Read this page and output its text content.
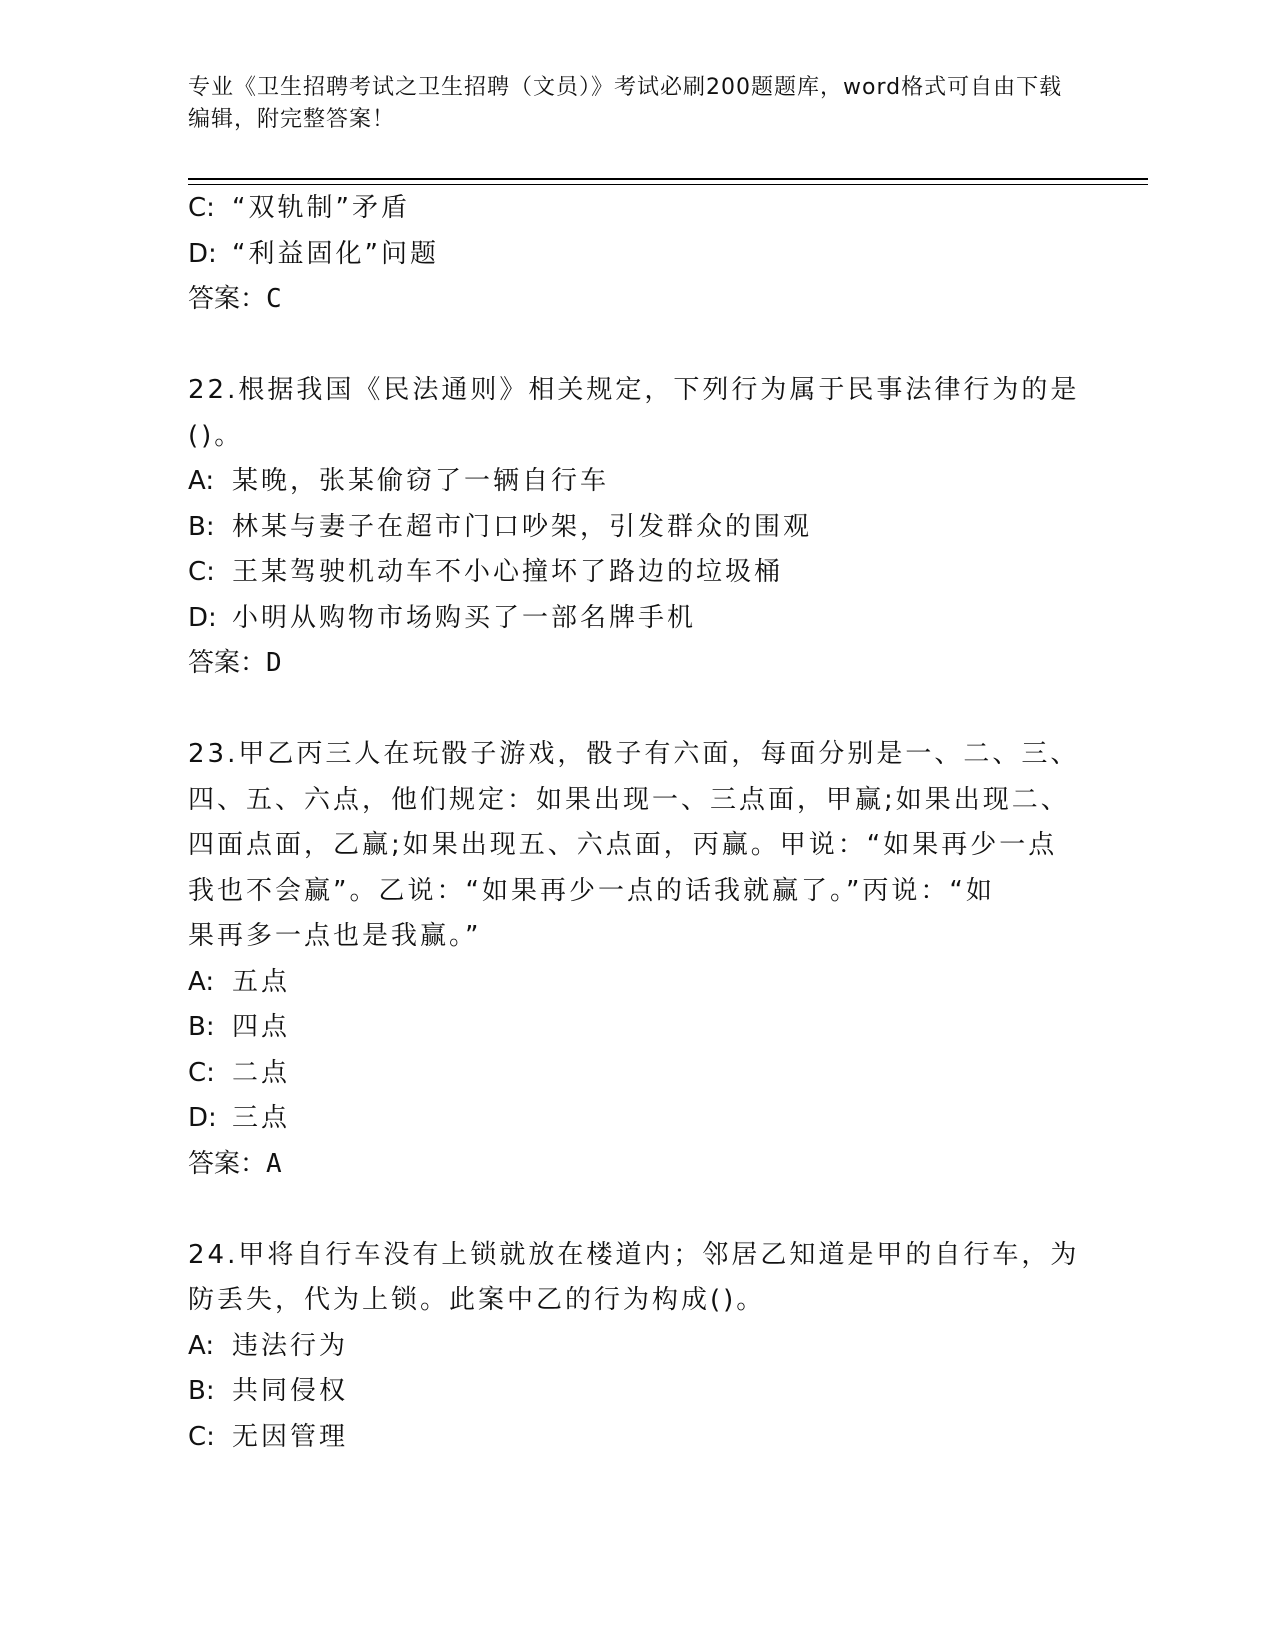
专业《卫生招聘考试之卫生招聘（文员）》考试必刷200题题库，word格式可自由下载编辑，附完整答案！
C: “双轨制”矛盾
D: “利益固化”问题
答案：C
22.根据我国《民法通则》相关规定，下列行为属于民事法律行为的是
()。
A: 某晚，张某偷窃了一辆自行车
B: 林某与妻子在超市门口吵架，引发群众的围观
C: 王某驾驶机动车不小心撞坏了路边的垃圾桶
D: 小明从购物市场购买了一部名牌手机
答案：D
23.甲乙丙三人在玩骰子游戏，骰子有六面，每面分别是一、二、三、
四、五、六点，他们规定：如果出现一、三点面，甲赢;如果出现二、
四面点面，乙赢;如果出现五、六点面，丙赢。甲说：“如果再少一点
我也不会赢”。乙说：“如果再少一点的话我就赢了。”丙说：“如
果再多一点也是我赢。”
A: 五点
B: 四点
C: 二点
D: 三点
答案：A
24.甲将自行车没有上锁就放在楼道内；邻居乙知道是甲的自行车，为
防丢失，代为上锁。此案中乙的行为构成()。
A: 违法行为
B: 共同侵权
C: 无因管理
